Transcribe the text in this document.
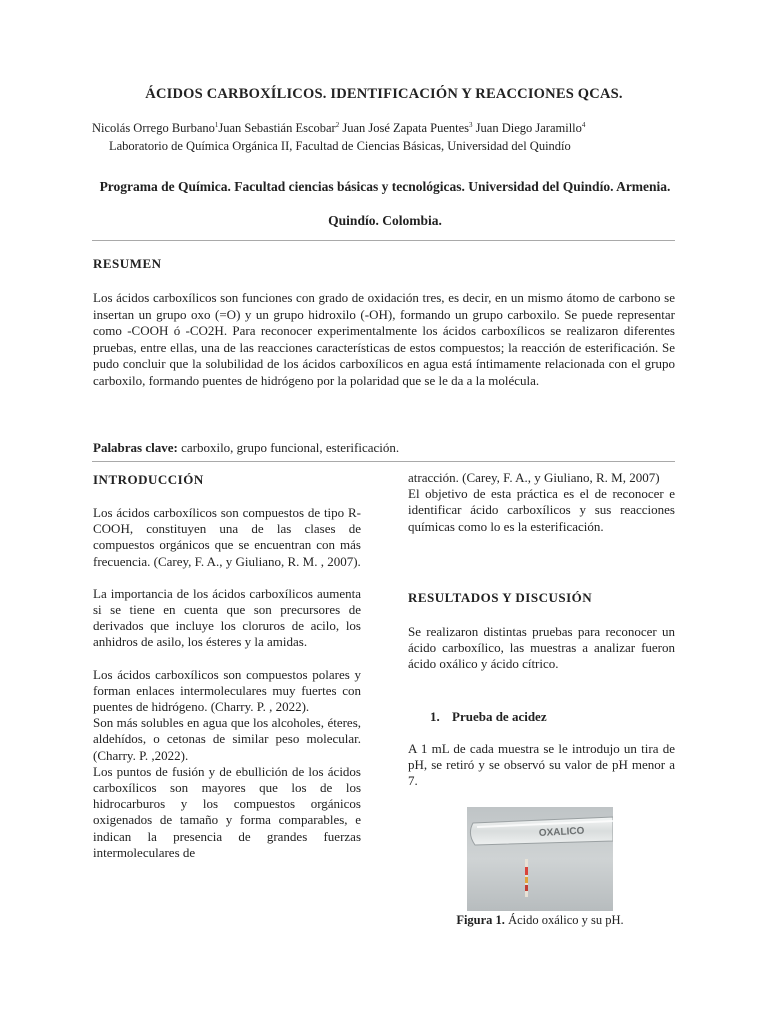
ÁCIDOS CARBOXÍLICOS. IDENTIFICACIÓN Y REACCIONES QCAS.
Nicolás Orrego Burbano$^1$Juan Sebastián Escobar$^2$ Juan José Zapata Puentes$^3$ Juan Diego Jaramillo$^4$
Laboratorio de Química Orgánica II, Facultad de Ciencias Básicas, Universidad del Quindío
Programa de Química. Facultad ciencias básicas y tecnológicas. Universidad del Quindío. Armenia. Quindío. Colombia.
RESUMEN
Los ácidos carboxílicos son funciones con grado de oxidación tres, es decir, en un mismo átomo de carbono se insertan un grupo oxo (=O) y un grupo hidroxilo (-OH), formando un grupo carboxilo. Se puede representar como -COOH ó -CO2H. Para reconocer experimentalmente los ácidos carboxílicos se realizaron diferentes pruebas, entre ellas, una de las reacciones características de estos compuestos; la reacción de esterificación. Se pudo concluir que la solubilidad de los ácidos carboxílicos en agua está íntimamente relacionada con el grupo carboxilo, formando puentes de hidrógeno por la polaridad que se le da a la molécula.
Palabras clave: carboxilo, grupo funcional, esterificación.
INTRODUCCIÓN

Los ácidos carboxílicos son compuestos de tipo R-COOH, constituyen una de las clases de compuestos orgánicos que se encuentran con más frecuencia. (Carey, F. A., y Giuliano, R. M. , 2007).

La importancia de los ácidos carboxílicos aumenta si se tiene en cuenta que son precursores de derivados que incluye los cloruros de acilo, los anhidros de asilo, los ésteres y la amidas.

Los ácidos carboxílicos son compuestos polares y forman enlaces intermoleculares muy fuertes con puentes de hidrógeno. (Charry. P. , 2022).

Son más solubles en agua que los alcoholes, éteres, aldehídos, o cetonas de similar peso molecular. (Charry. P. ,2022).

Los puntos de fusión y de ebullición de los ácidos carboxílicos son mayores que los de los hidrocarburos y los compuestos orgánicos oxigenados de tamaño y forma comparables, e indican la presencia de grandes fuerzas intermoleculares de

atracción. (Carey, F. A., y Giuliano, R. M, 2007)

El objetivo de esta práctica es el de reconocer e identificar ácido carboxílicos y sus reacciones químicas como lo es la esterificación.

RESULTADOS Y DISCUSIÓN

Se realizaron distintas pruebas para reconocer un ácido carboxílico, las muestras a analizar fueron ácido oxálico y ácido cítrico.

1. Prueba de acidez

A 1 mL de cada muestra se le introdujo un tira de pH, se retiró y se observó su valor de pH menor a 7.

OXALICO
Figura 1. Ácido oxálico y su pH.
